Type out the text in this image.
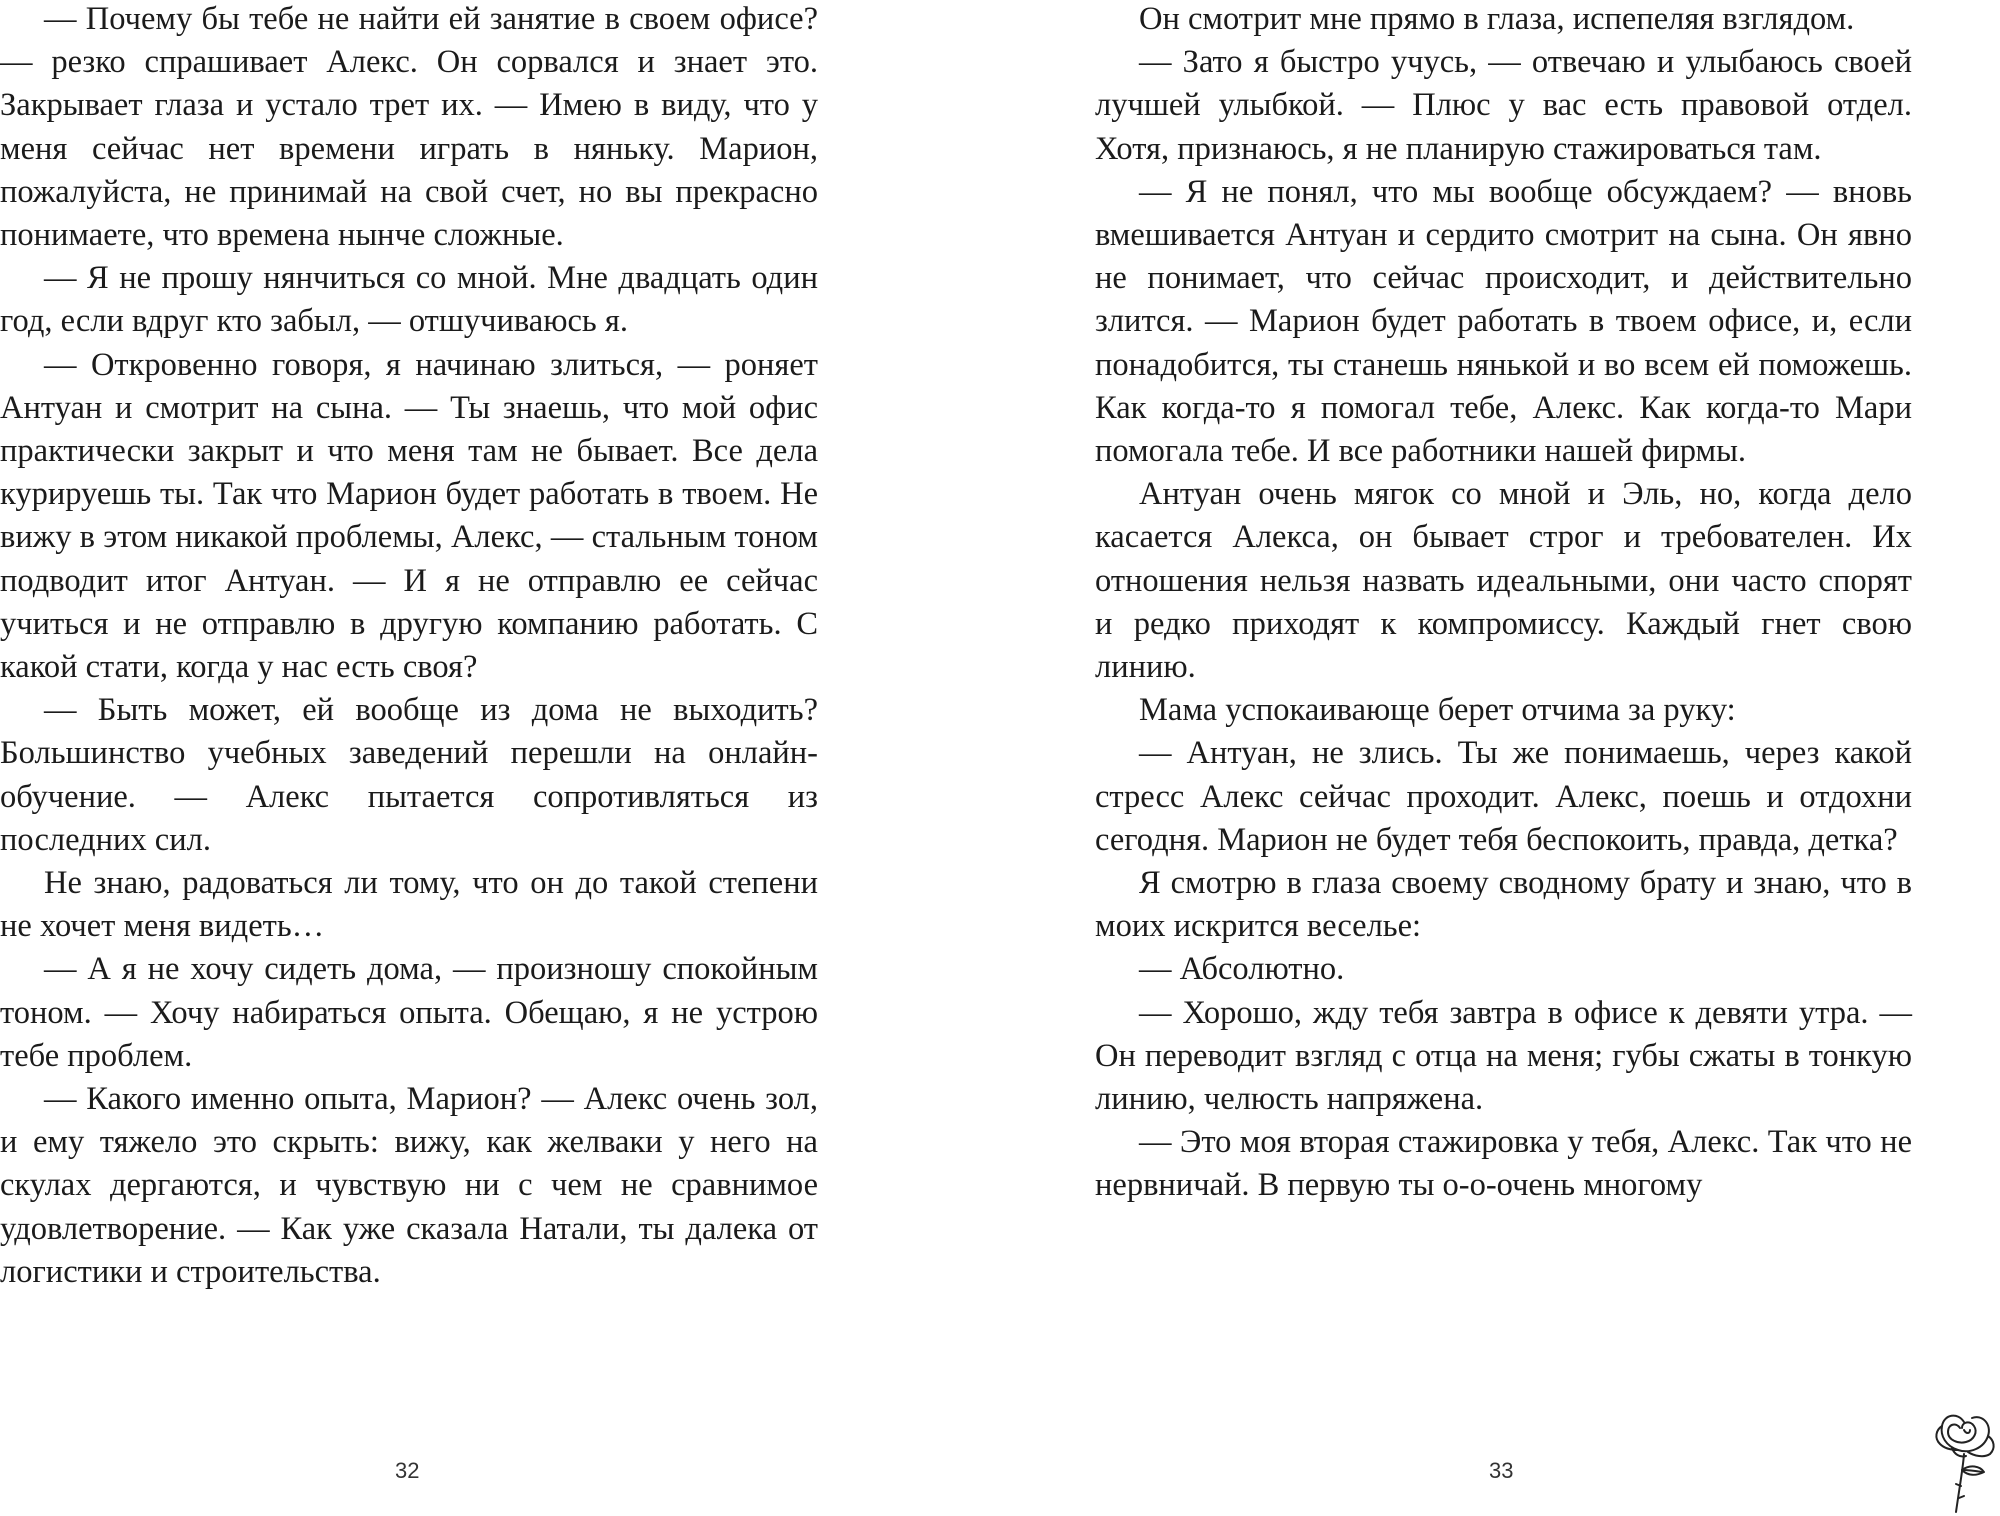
— Почему бы тебе не найти ей занятие в своем офисе? — резко спрашивает Алекс. Он сорвался и знает это. Закрывает глаза и устало трет их. — Имею в виду, что у меня сейчас нет времени играть в няньку. Марион, пожалуйста, не принимай на свой счет, но вы прекрасно понимаете, что времена нынче сложные.

— Я не прошу нянчиться со мной. Мне двадцать один год, если вдруг кто забыл, — отшучиваюсь я.

— Откровенно говоря, я начинаю злиться, — роняет Антуан и смотрит на сына. — Ты знаешь, что мой офис практически закрыт и что меня там не бывает. Все дела курируешь ты. Так что Марион будет работать в твоем. Не вижу в этом никакой проблемы, Алекс, — стальным тоном подводит итог Антуан. — И я не отправлю ее сейчас учиться и не отправлю в другую компанию работать. С какой стати, когда у нас есть своя?

— Быть может, ей вообще из дома не выходить? Большинство учебных заведений перешли на онлайн-обучение. — Алекс пытается сопротивляться из последних сил.

Не знаю, радоваться ли тому, что он до такой степени не хочет меня видеть…

— А я не хочу сидеть дома, — произношу спокойным тоном. — Хочу набираться опыта. Обещаю, я не устрою тебе проблем.

— Какого именно опыта, Марион? — Алекс очень зол, и ему тяжело это скрыть: вижу, как желваки у него на скулах дергаются, и чувствую ни с чем не сравнимое удовлетворение. — Как уже сказала Натали, ты далека от логистики и строительства.

Он смотрит мне прямо в глаза, испепеляя взглядом.

— Зато я быстро учусь, — отвечаю и улыбаюсь своей лучшей улыбкой. — Плюс у вас есть правовой отдел. Хотя, признаюсь, я не планирую стажироваться там.

— Я не понял, что мы вообще обсуждаем? — вновь вмешивается Антуан и сердито смотрит на сына. Он явно не понимает, что сейчас происходит, и действительно злится. — Марион будет работать в твоем офисе, и, если понадобится, ты станешь нянькой и во всем ей поможешь. Как когда-то я помогал тебе, Алекс. Как когда-то Мари помогала тебе. И все работники нашей фирмы.

Антуан очень мягок со мной и Эль, но, когда дело касается Алекса, он бывает строг и требователен. Их отношения нельзя назвать идеальными, они часто спорят и редко приходят к компромиссу. Каждый гнет свою линию.

Мама успокаивающе берет отчима за руку:

— Антуан, не злись. Ты же понимаешь, через какой стресс Алекс сейчас проходит. Алекс, поешь и отдохни сегодня. Марион не будет тебя беспокоить, правда, детка?

Я смотрю в глаза своему сводному брату и знаю, что в моих искрится веселье:

— Абсолютно.

— Хорошо, жду тебя завтра в офисе к девяти утра. — Он переводит взгляд с отца на меня; губы сжаты в тонкую линию, челюсть напряжена.

— Это моя вторая стажировка у тебя, Алекс. Так что не нервничай. В первую ты о-о-очень многому

32	33
